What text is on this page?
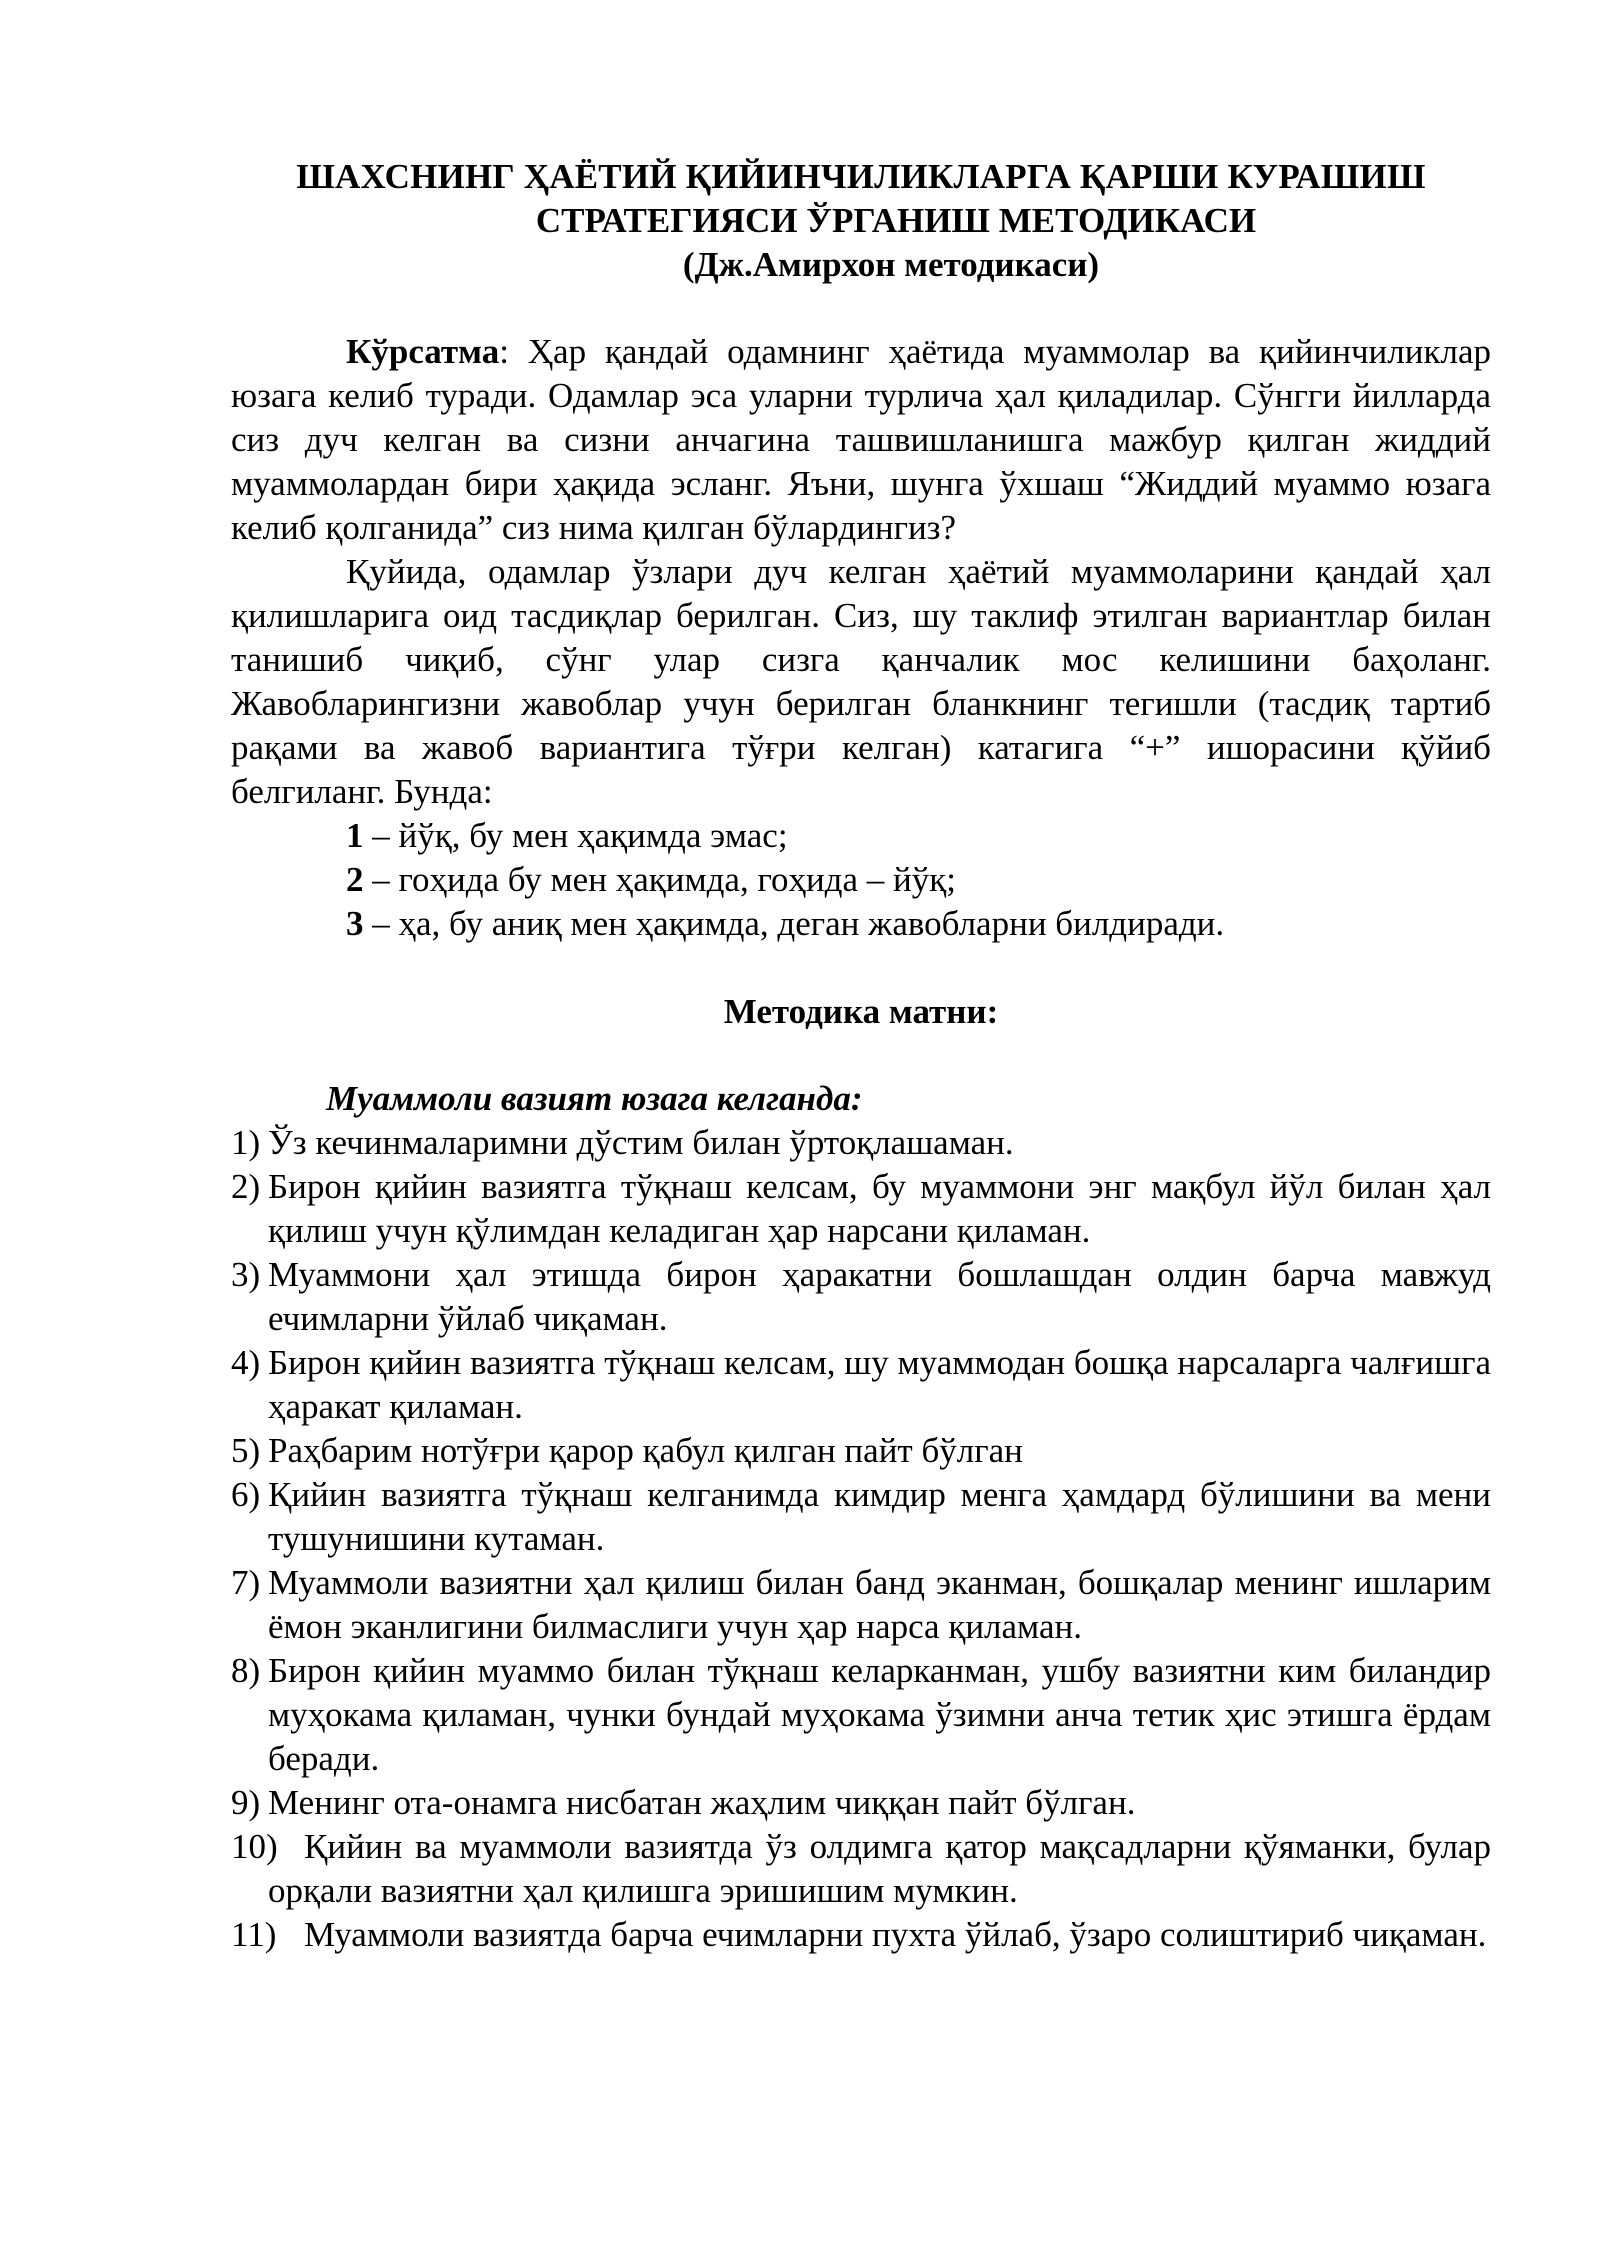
ШАХСНИНГ ҲАЁТИЙ ҚИЙИНЧИЛИКЛАРГА ҚАРШИ КУРАШИШ

СТРАТЕГИЯСИ ЎРГАНИШ МЕТОДИКАСИ

(Дж.Амирхон методикаси)

Кўрсатма: Ҳар қандай одамнинг ҳаётида муаммолар ва қийинчиликлар юзага келиб туради. Одамлар эса уларни турлича ҳал қиладилар. Сўнгги йилларда сиз дуч келган ва сизни анчагина ташвишланишга мажбур қилган жиддий муаммолардан бири ҳақида эсланг. Яъни, шунга ўхшаш “Жиддий муаммо юзага келиб қолганида” сиз нима қилган бўлардингиз?

Қуйида, одамлар ўзлари дуч келган ҳаётий муаммоларини қандай ҳал қилишларига оид тасдиқлар берилган. Сиз, шу таклиф этилган вариантлар билан танишиб чиқиб, сўнг улар сизга қанчалик мос келишини баҳоланг. Жавобларингизни жавоблар учун берилган бланкнинг тегишли (тасдиқ тартиб рақами ва жавоб вариантига тўғри келган) катагига “+” ишорасини қўйиб белгиланг. Бунда:

1 – йўқ, бу мен ҳақимда эмас;

2 – гоҳида бу мен ҳақимда, гоҳида – йўқ;

3 – ҳа, бу аниқ мен ҳақимда, деган жавобларни билдиради.

Методика матни:

Муаммоли вазият юзага келганда:

1) Ўз кечинмаларимни дўстим билан ўртоқлашаман.
2) Бирон қийин вазиятга тўқнаш келсам, бу муаммони энг мақбул йўл билан ҳал қилиш учун қўлимдан келадиган ҳар нарсани қиламан.
3) Муаммони ҳал этишда бирон ҳаракатни бошлашдан олдин барча мавжуд ечимларни ўйлаб чиқаман.
4) Бирон қийин вазиятга тўқнаш келсам, шу муаммодан бошқа нарсаларга чалғишга ҳаракат қиламан.
5) Раҳбарим нотўғри қарор қабул қилган пайт бўлган
6) Қийин вазиятга тўқнаш келганимда кимдир менга ҳамдард бўлишини ва мени тушунишини кутаман.
7) Муаммоли вазиятни ҳал қилиш билан банд эканман, бошқалар менинг ишларим ёмон эканлигини билмаслиги учун ҳар нарса қиламан.
8) Бирон қийин муаммо билан тўқнаш келарканман, ушбу вазиятни ким биландир муҳокама қиламан, чунки бундай муҳокама ўзимни анча тетик ҳис этишга ёрдам беради.
9) Менинг ота-онамга нисбатан жаҳлим чиққан пайт бўлган.
10) Қийин ва муаммоли вазиятда ўз олдимга қатор мақсадларни қўяманки, булар орқали вазиятни ҳал қилишга эришишим мумкин.
11) Муаммоли вазиятда барча ечимларни пухта ўйлаб, ўзаро солиштириб чиқаман.
